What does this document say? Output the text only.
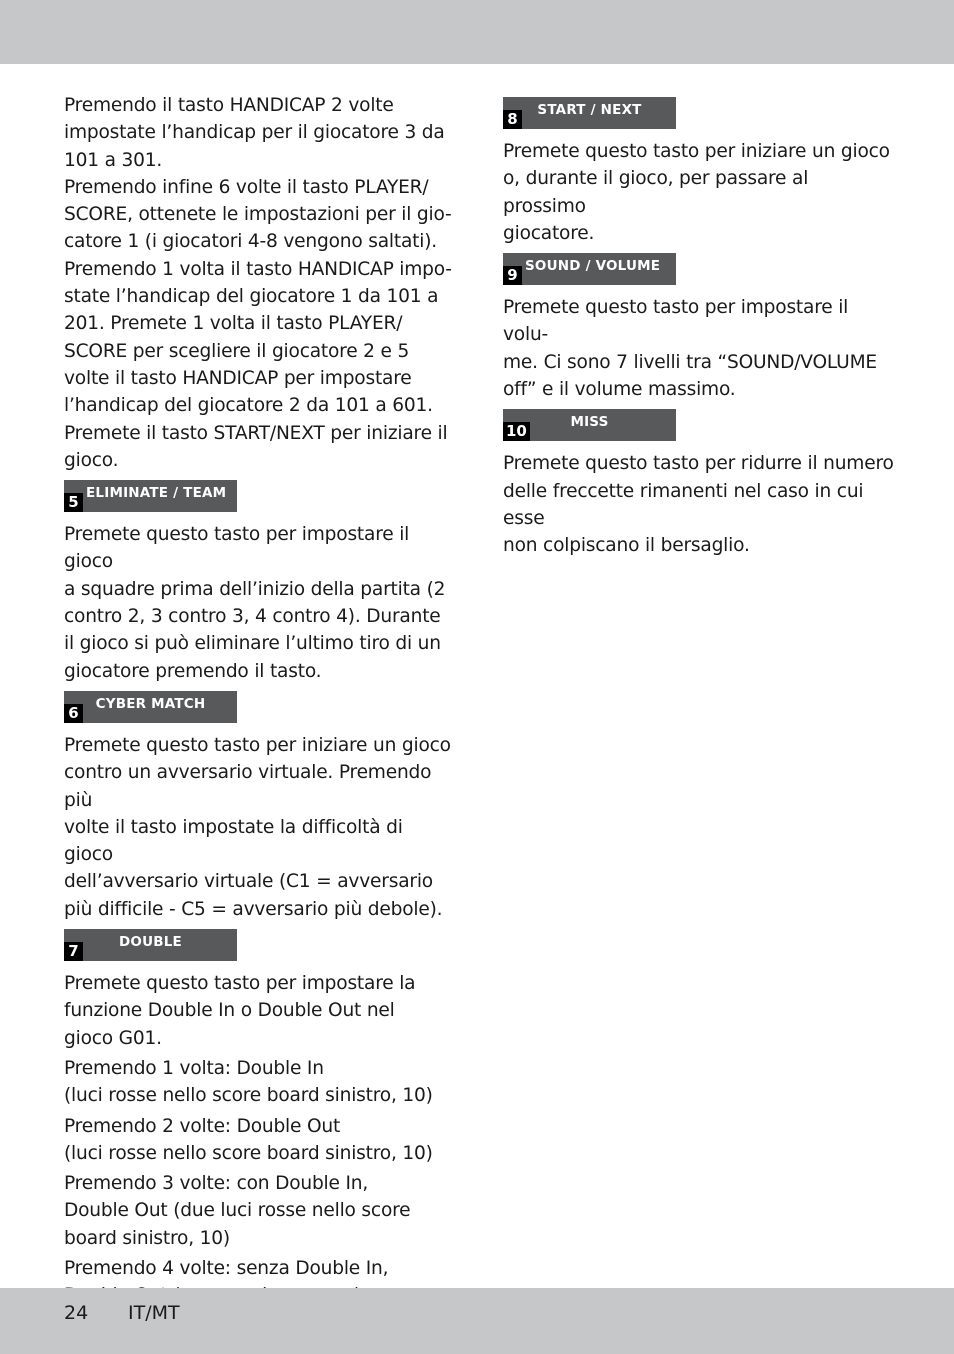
Premendo il tasto HANDICAP 2 volte
impostate l’handicap per il giocatore 3 da
101 a 301.
Premendo infine 6 volte il tasto PLAYER/
SCORE, ottenete le impostazioni per il gio-
catore 1 (i giocatori 4-8 vengono saltati).
Premendo 1 volta il tasto HANDICAP impo-
state l’handicap del giocatore 1 da 101 a
201. Premete 1 volta il tasto PLAYER/
SCORE per scegliere il giocatore 2 e 5
volte il tasto HANDICAP per impostare
l’handicap del giocatore 2 da 101 a 601.
Premete il tasto START/NEXT per iniziare il
gioco.

5 ELIMINATE / TEAM

Premete questo tasto per impostare il gioco
a squadre prima dell’inizio della partita (2
contro 2, 3 contro 3, 4 contro 4). Durante
il gioco si può eliminare l’ultimo tiro di un
giocatore premendo il tasto.

6	CYBER MATCH

Premete questo tasto per iniziare un gioco
contro un avversario virtuale. Premendo più
volte il tasto impostate la difficoltà di gioco
dell’avversario virtuale (C1 = avversario
più difficile - C5 = avversario più debole).

7	DOUBLE

Premete questo tasto per impostare la
funzione Double In o Double Out nel
gioco G01.

Premendo 1 volta: Double In
(luci rosse nello score board sinistro, 10)

Premendo 2 volte: Double Out
(luci rosse nello score board sinistro, 10)

Premendo 3 volte: con Double In,
Double Out (due luci rosse nello score
board sinistro, 10)

Premendo 4 volte: senza Double In,

8	START / NEXT

Premete questo tasto per iniziare un gioco
o, durante il gioco, per passare al prossimo
giocatore.

9 SOUND / VOLUME

Premete questo tasto per impostare il volu-
me. Ci sono 7 livelli tra “SOUND/VOLUME
off” e il volume massimo.

10	MISS

Premete questo tasto per ridurre il numero
delle freccette rimanenti nel caso in cui esse
non colpiscano il bersaglio.

24 IT/MT
